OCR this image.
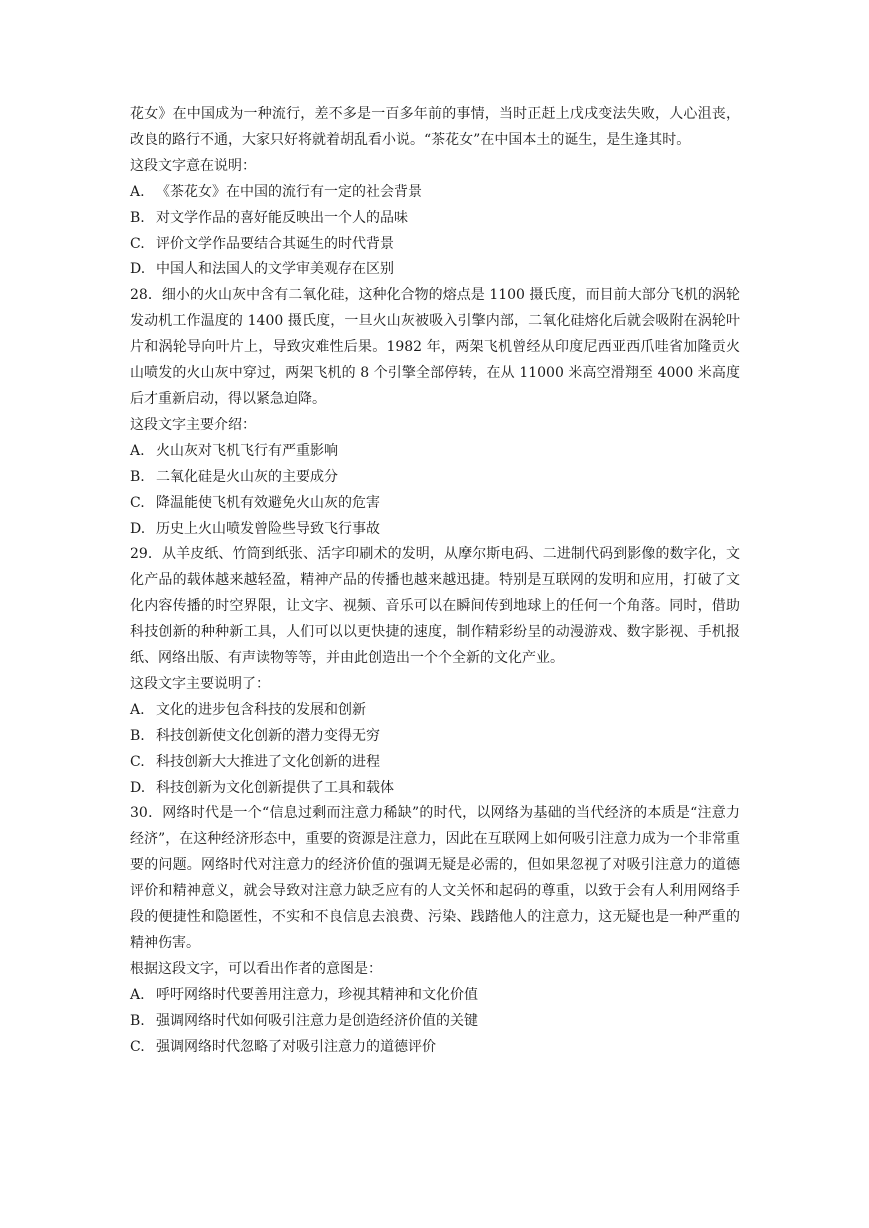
花女》在中国成为一种流行，差不多是一百多年前的事情，当时正赶上戊戌变法失败，人心沮丧，改良的路行不通，大家只好将就着胡乱看小说。“茶花女”在中国本土的诞生，是生逢其时。

这段文字意在说明：

A. 《茶花女》在中国的流行有一定的社会背景

B. 对文学作品的喜好能反映出一个人的品味

C. 评价文学作品要结合其诞生的时代背景

D. 中国人和法国人的文学审美观存在区别

28．细小的火山灰中含有二氧化硅，这种化合物的熔点是 1100 摄氏度，而目前大部分飞机的涡轮发动机工作温度的 1400 摄氏度，一旦火山灰被吸入引擎内部，二氧化硅熔化后就会吸附在涡轮叶片和涡轮导向叶片上，导致灾难性后果。1982 年，两架飞机曾经从印度尼西亚西爪哇省加隆贡火山喷发的火山灰中穿过，两架飞机的 8 个引擎全部停转，在从 11000 米高空滑翔至 4000 米高度后才重新启动，得以紧急迫降。

这段文字主要介绍：

A. 火山灰对飞机飞行有严重影响

B. 二氧化硅是火山灰的主要成分

C. 降温能使飞机有效避免火山灰的危害

D. 历史上火山喷发曾险些导致飞行事故

29．从羊皮纸、竹筒到纸张、活字印刷术的发明，从摩尔斯电码、二进制代码到影像的数字化，文化产品的载体越来越轻盈，精神产品的传播也越来越迅捷。特别是互联网的发明和应用，打破了文化内容传播的时空界限，让文字、视频、音乐可以在瞬间传到地球上的任何一个角落。同时，借助科技创新的种种新工具，人们可以以更快捷的速度，制作精彩纷呈的动漫游戏、数字影视、手机报纸、网络出版、有声读物等等，并由此创造出一个个全新的文化产业。

这段文字主要说明了：

A. 文化的进步包含科技的发展和创新

B. 科技创新使文化创新的潜力变得无穷

C. 科技创新大大推进了文化创新的进程

D. 科技创新为文化创新提供了工具和载体

30．网络时代是一个“信息过剩而注意力稀缺”的时代，以网络为基础的当代经济的本质是“注意力经济”，在这种经济形态中，重要的资源是注意力，因此在互联网上如何吸引注意力成为一个非常重要的问题。网络时代对注意力的经济价值的强调无疑是必需的，但如果忽视了对吸引注意力的道德评价和精神意义，就会导致对注意力缺乏应有的人文关怀和起码的尊重，以致于会有人利用网络手段的便捷性和隐匿性，不实和不良信息去浪费、污染、践踏他人的注意力，这无疑也是一种严重的精神伤害。

根据这段文字，可以看出作者的意图是：

A. 呼吁网络时代要善用注意力，珍视其精神和文化价值

B. 强调网络时代如何吸引注意力是创造经济价值的关键

C. 强调网络时代忽略了对吸引注意力的道德评价
